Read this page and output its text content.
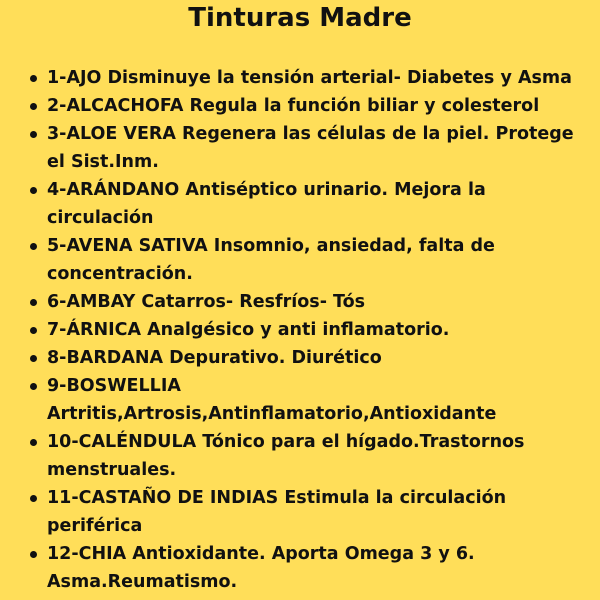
Tinturas Madre
1-AJO Disminuye la tensión arterial- Diabetes y Asma
2-ALCACHOFA Regula la función biliar y colesterol
3-ALOE VERA Regenera las células de la piel. Protege el Sist.Inm.
4-ARÁNDANO Antiséptico urinario. Mejora la circulación
5-AVENA SATIVA Insomnio, ansiedad, falta de concentración.
6-AMBAY Catarros- Resfríos- Tós
7-ÁRNICA Analgésico y anti inflamatorio.
8-BARDANA Depurativo. Diurético
9-BOSWELLIA Artritis,Artrosis,Antinflamatorio,Antioxidante
10-CALÉNDULA Tónico para el hígado.Trastornos menstruales.
11-CASTAÑO DE INDIAS Estimula la circulación periférica
12-CHIA Antioxidante. Aporta Omega 3 y 6. Asma.Reumatismo.
